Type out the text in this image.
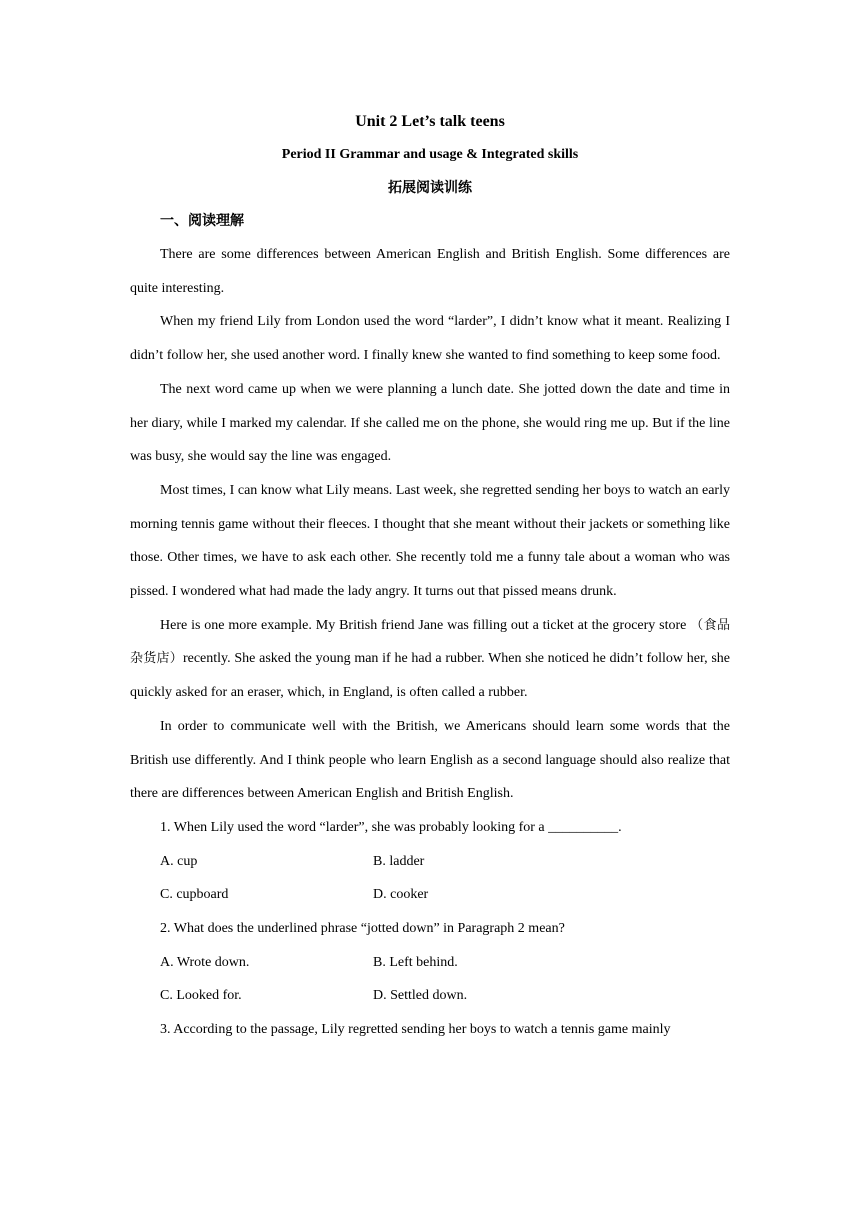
Unit 2 Let’s talk teens

Period II Grammar and usage & Integrated skills

拓展阅读训练

一、阅读理解

There are some differences between American English and British English. Some differences are quite interesting.

When my friend Lily from London used the word “larder”, I didn’t know what it meant. Realizing I didn’t follow her, she used another word. I finally knew she wanted to find something to keep some food.

The next word came up when we were planning a lunch date. She jotted down the date and time in her diary, while I marked my calendar. If she called me on the phone, she would ring me up. But if the line was busy, she would say the line was engaged.

Most times, I can know what Lily means. Last week, she regretted sending her boys to watch an early morning tennis game without their fleeces. I thought that she meant without their jackets or something like those. Other times, we have to ask each other. She recently told me a funny tale about a woman who was pissed. I wondered what had made the lady angry. It turns out that pissed means drunk.

Here is one more example. My British friend Jane was filling out a ticket at the grocery store （食品杂货店）recently. She asked the young man if he had a rubber. When she noticed he didn’t follow her, she quickly asked for an eraser, which, in England, is often called a rubber.

In order to communicate well with the British, we Americans should learn some words that the British use differently. And I think people who learn English as a second language should also realize that there are differences between American English and British English.

1. When Lily used the word “larder”, she was probably looking for a __________.

A. cup	B. ladder
C. cupboard	D. cooker

2. What does the underlined phrase “jotted down” in Paragraph 2 mean?

A. Wrote down.	B. Left behind.
C. Looked for.	D. Settled down.

3. According to the passage, Lily regretted sending her boys to watch a tennis game mainly
